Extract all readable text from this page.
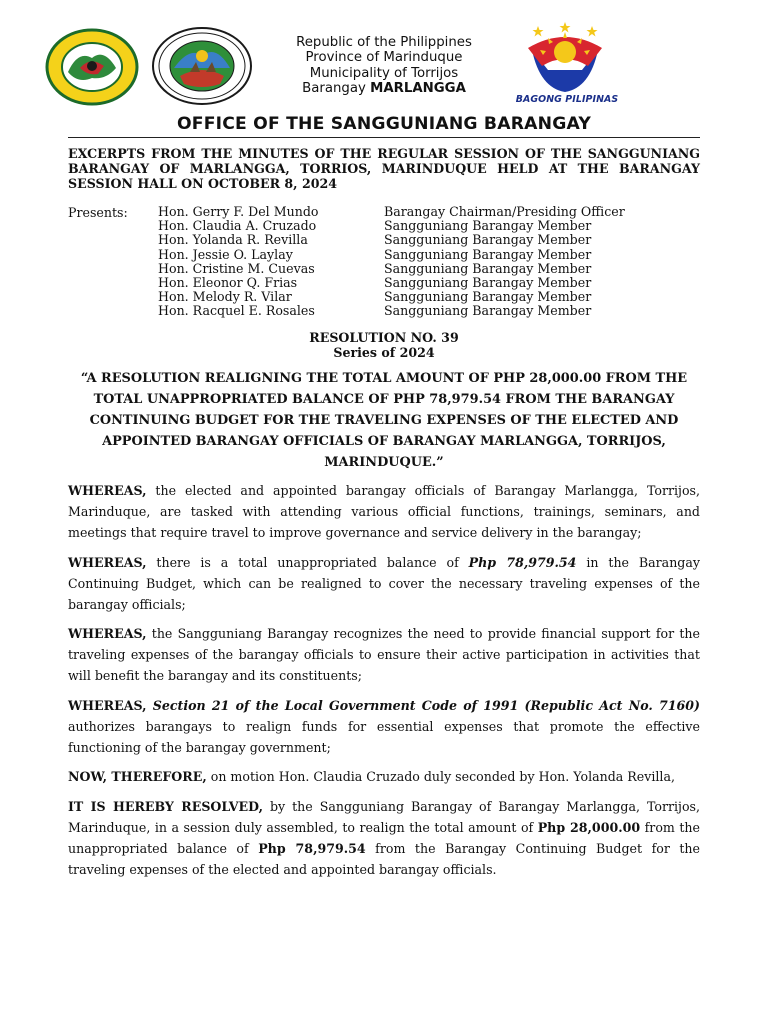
Republic of the Philippines
Province of Marinduque
Municipality of Torrijos
Barangay MARLANGGA
BAGONG PILIPINAS
OFFICE OF THE SANGGUNIANG BARANGAY
EXCERPTS FROM THE MINUTES OF THE REGULAR SESSION OF THE SANGGUNIANG BARANGAY OF MARLANGGA, TORRIOS, MARINDUQUE HELD AT THE BARANGAY SESSION HALL ON OCTOBER 8, 2024
Presents: Hon. Gerry F. Del Mundo	Barangay Chairman/Presiding Officer
Hon. Claudia A. Cruzado	Sangguniang Barangay Member
Hon. Yolanda R. Revilla	Sangguniang Barangay Member
Hon. Jessie O. Laylay	Sangguniang Barangay Member
Hon. Cristine M. Cuevas	Sangguniang Barangay Member
Hon. Eleonor Q. Frias	Sangguniang Barangay Member
Hon. Melody R. Vilar	Sangguniang Barangay Member
Hon. Racquel E. Rosales	Sangguniang Barangay Member
RESOLUTION NO. 39
Series of 2024
“A RESOLUTION REALIGNING THE TOTAL AMOUNT OF PHP 28,000.00 FROM THE TOTAL UNAPPROPRIATED BALANCE OF PHP 78,979.54 FROM THE BARANGAY CONTINUING BUDGET FOR THE TRAVELING EXPENSES OF THE ELECTED AND APPOINTED BARANGAY OFFICIALS OF BARANGAY MARLANGGA, TORRIJOS, MARINDUQUE.”

WHEREAS, the elected and appointed barangay officials of Barangay Marlangga, Torrijos, Marinduque, are tasked with attending various official functions, trainings, seminars, and meetings that require travel to improve governance and service delivery in the barangay;

WHEREAS, there is a total unappropriated balance of Php 78,979.54 in the Barangay Continuing Budget, which can be realigned to cover the necessary traveling expenses of the barangay officials;

WHEREAS, the Sangguniang Barangay recognizes the need to provide financial support for the traveling expenses of the barangay officials to ensure their active participation in activities that will benefit the barangay and its constituents;

WHEREAS, Section 21 of the Local Government Code of 1991 (Republic Act No. 7160) authorizes barangays to realign funds for essential expenses that promote the effective functioning of the barangay government;

NOW, THEREFORE, on motion Hon. Claudia Cruzado duly seconded by Hon. Yolanda Revilla,

IT IS HEREBY RESOLVED, by the Sangguniang Barangay of Barangay Marlangga, Torrijos, Marinduque, in a session duly assembled, to realign the total amount of Php 28,000.00 from the unappropriated balance of Php 78,979.54 from the Barangay Continuing Budget for the traveling expenses of the elected and appointed barangay officials.
